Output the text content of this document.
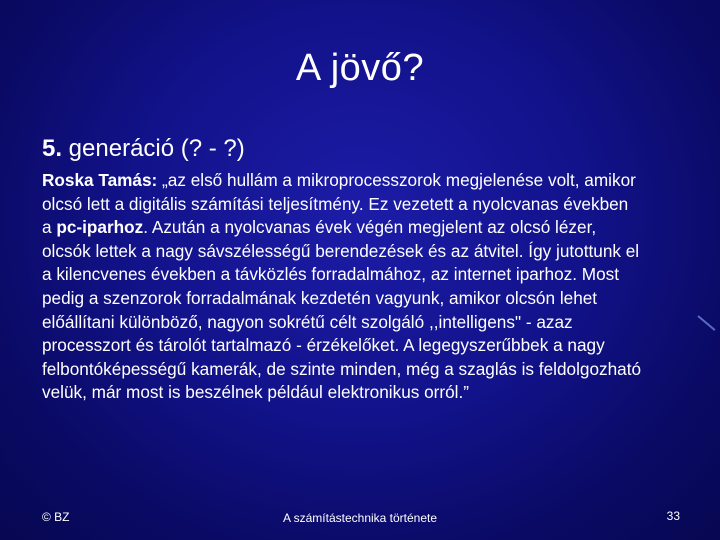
A jövő?
5. generáció (? - ?)
Roska Tamás: „az első hullám a mikroprocesszorok megjelenése volt, amikor olcsó lett a digitális számítási teljesítmény. Ez vezetett a nyolcvanas években a pc-iparhoz. Azután a nyolcvanas évek végén megjelent az olcsó lézer, olcsók lettek a nagy sávszélességű berendezések és az átvitel. Így jutottunk el a kilencvenes években a távközlés forradalmához, az internet iparhoz. Most pedig a szenzorok forradalmának kezdetén vagyunk, amikor olcsón lehet előállítani különböző, nagyon sokrétű célt szolgáló ,,intelligens" - azaz processzort és tárolót tartalmazó - érzékelőket. A legegyszerűbbek a nagy felbontóképességű kamerák, de szinte minden, még a szaglás is feldolgozható velük, már most is beszélnek például elektronikus orról.”
© BZ	A számítástechnika története	33
